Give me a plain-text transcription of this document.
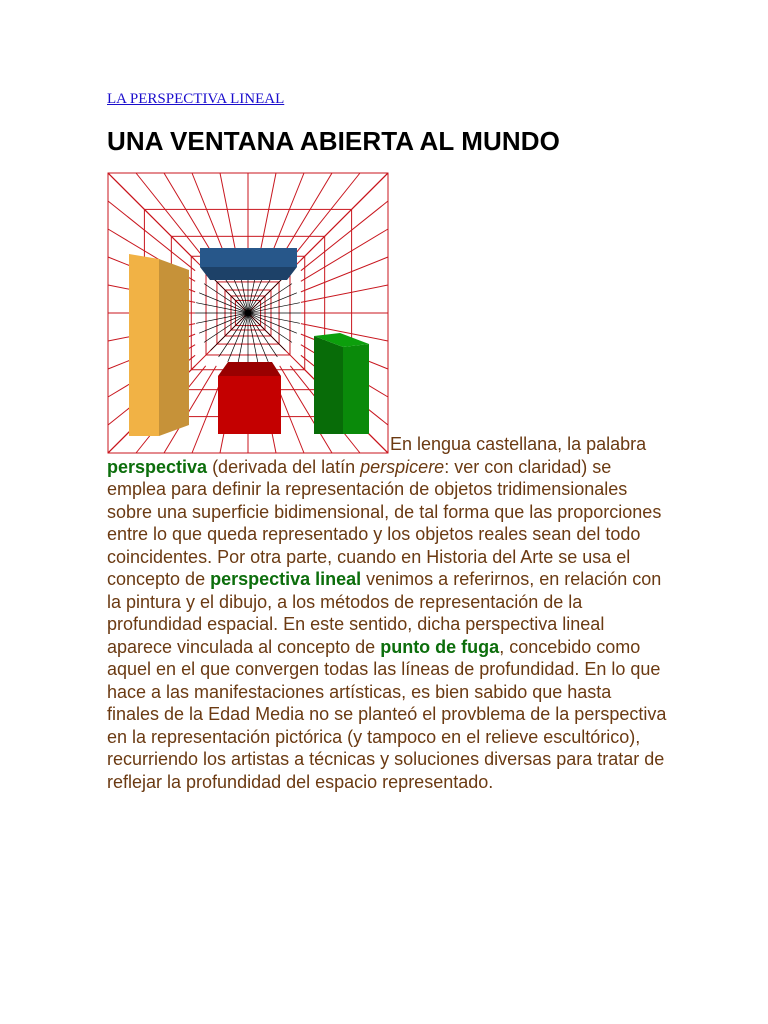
LA PERSPECTIVA LINEAL
UNA VENTANA ABIERTA AL MUNDO

En lengua castellana, la palabra perspectiva (derivada del latín perspicere: ver con claridad) se emplea para definir la representación de objetos tridimensionales sobre una superficie bidimensional, de tal forma que las proporciones entre lo que queda representado y los objetos reales sean del todo coincidentes. Por otra parte, cuando en Historia del Arte se usa el concepto de perspectiva lineal venimos a referirnos, en relación con la pintura y el dibujo, a los métodos de representación de la profundidad espacial. En este sentido, dicha perspectiva lineal aparece vinculada al concepto de punto de fuga, concebido como aquel en el que convergen todas las líneas de profundidad. En lo que hace a las manifestaciones artísticas, es bien sabido que hasta finales de la Edad Media no se planteó el provblema de la perspectiva en la representación pictórica (y tampoco en el relieve escultórico), recurriendo los artistas a técnicas y soluciones diversas para tratar de reflejar la profundidad del espacio representado.
